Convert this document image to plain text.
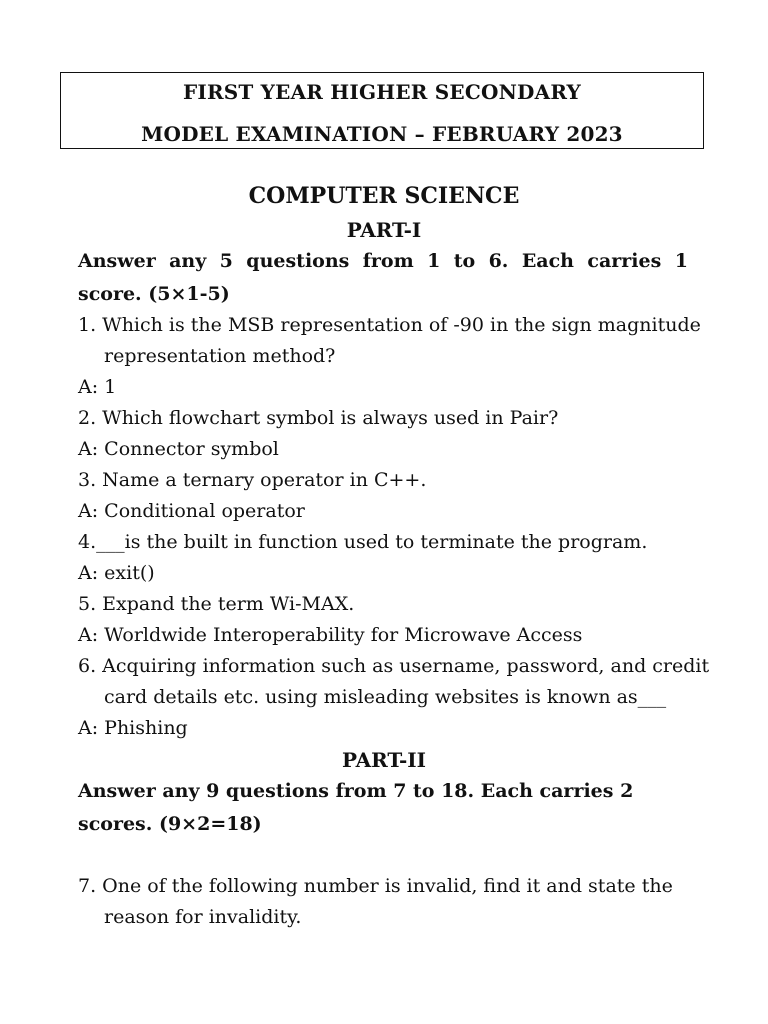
FIRST YEAR HIGHER SECONDARY
MODEL EXAMINATION – FEBRUARY 2023
COMPUTER SCIENCE
PART-I
Answer any 5 questions from 1 to 6. Each carries 1
score. (5×1-5)
1. Which is the MSB representation of -90 in the sign magnitude
representation method?
A: 1
2. Which flowchart symbol is always used in Pair?
A: Connector symbol
3. Name a ternary operator in C++.
A: Conditional operator
4.___is the built in function used to terminate the program.
A: exit()
5. Expand the term Wi-MAX.
A: Worldwide Interoperability for Microwave Access
6. Acquiring information such as username, password, and credit
card details etc. using misleading websites is known as___
A: Phishing
PART-II
Answer any 9 questions from 7 to 18. Each carries 2
scores. (9×2=18)
7. One of the following number is invalid, find it and state the
reason for invalidity.
